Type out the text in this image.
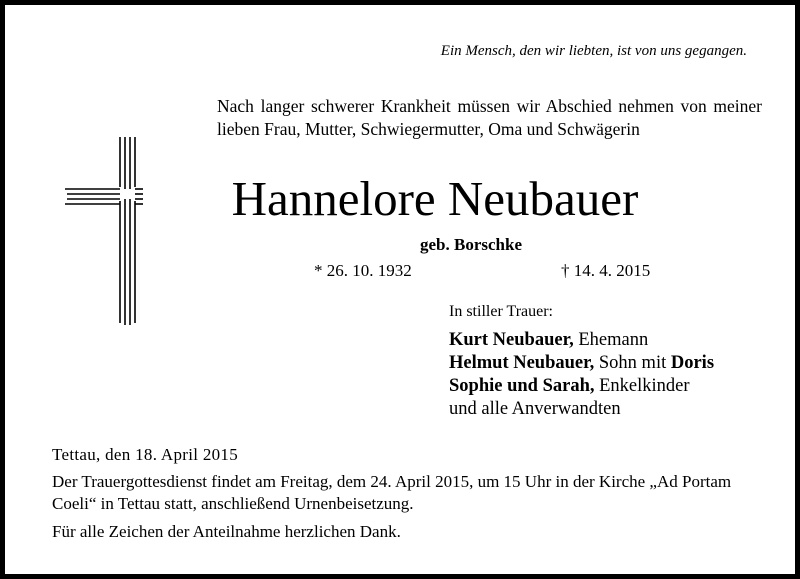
Ein Mensch, den wir liebten, ist von uns gegangen.
Nach langer schwerer Krankheit müssen wir Abschied nehmen von meiner lieben Frau, Mutter, Schwiegermutter, Oma und Schwägerin
Hannelore Neubauer
geb. Borschke
* 26. 10. 1932	† 14. 4. 2015
In stiller Trauer:
Kurt Neubauer, Ehemann
Helmut Neubauer, Sohn mit Doris
Sophie und Sarah, Enkelkinder
und alle Anverwandten
Tettau, den 18. April 2015
Der Trauergottesdienst findet am Freitag, dem 24. April 2015, um 15 Uhr in der Kirche „Ad Portam Coeli“ in Tettau statt, anschließend Urnenbeisetzung.
Für alle Zeichen der Anteilnahme herzlichen Dank.
